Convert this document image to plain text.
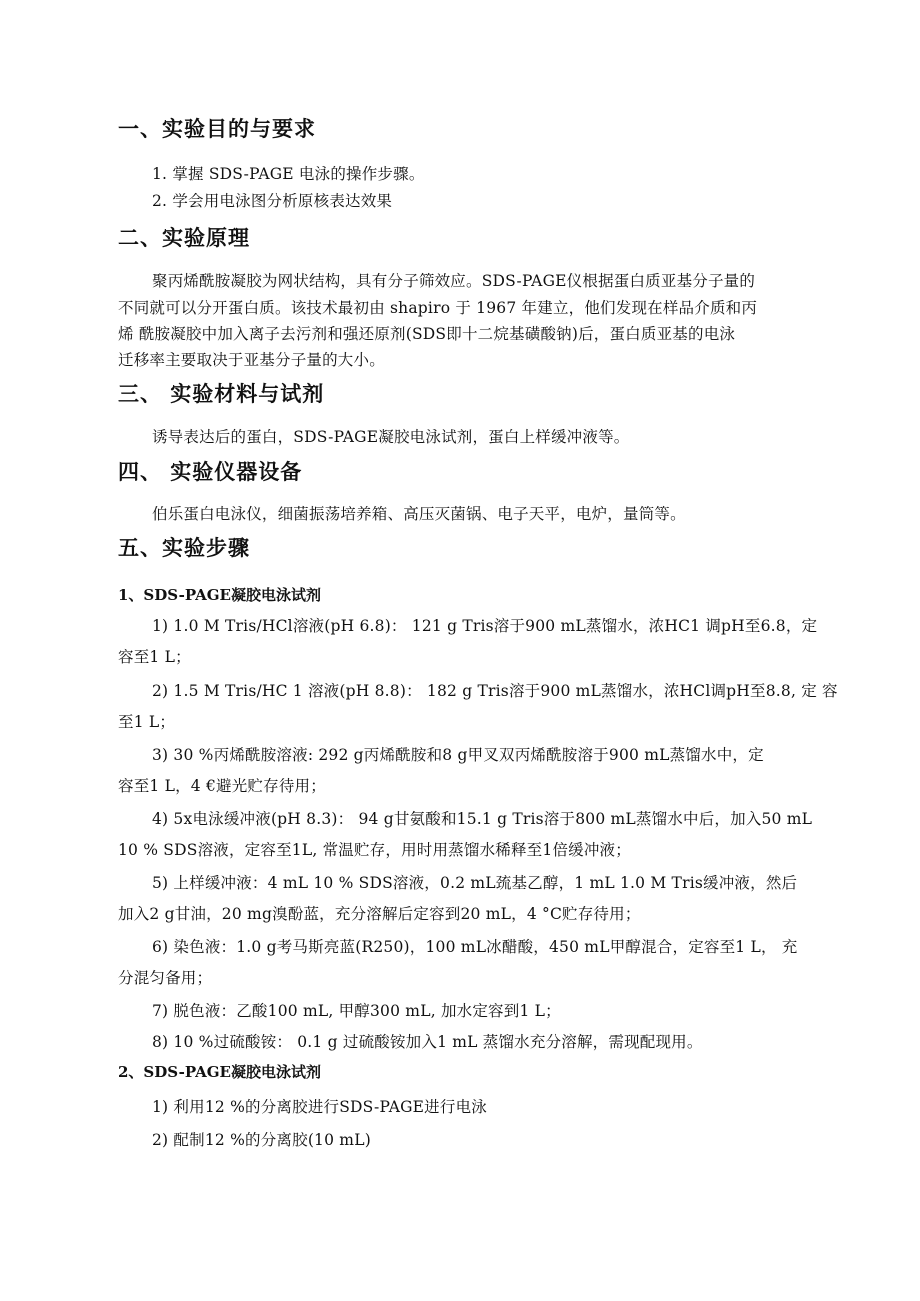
一、实验目的与要求
1. 掌握 SDS-PAGE 电泳的操作步骤。
2. 学会用电泳图分析原核表达效果
二、实验原理
聚丙烯酰胺凝胶为网状结构，具有分子筛效应。SDS-PAGE仪根据蛋白质亚基分子量的
不同就可以分开蛋白质。该技术最初由 shapiro 于 1967 年建立，他们发现在样品介质和丙
烯 酰胺凝胶中加入离子去污剂和强还原剂(SDS即十二烷基磺酸钠)后，蛋白质亚基的电泳
迁移率主要取决于亚基分子量的大小。
三、 实验材料与试剂
诱导表达后的蛋白，SDS-PAGE凝胶电泳试剂，蛋白上样缓冲液等。
四、 实验仪器设备
伯乐蛋白电泳仪，细菌振荡培养箱、高压灭菌锅、电子天平，电炉，量筒等。
五、实验步骤
1、SDS-PAGE凝胶电泳试剂
1) 1.0 M Tris/HCl溶液(pH 6.8)： 121 g Tris溶于900 mL蒸馏水，浓HC1 调pH至6.8，定
容至1 L；
2) 1.5 M Tris/HC 1 溶液(pH 8.8)： 182 g Tris溶于900 mL蒸馏水，浓HCl调pH至8.8, 定 容
至1 L；
3) 30 %丙烯酰胺溶液: 292 g丙烯酰胺和8 g甲叉双丙烯酰胺溶于900 mL蒸馏水中，定
容至1 L，4 €避光贮存待用；
4) 5x电泳缓冲液(pH 8.3)： 94 g甘氨酸和15.1 g Tris溶于800 mL蒸馏水中后，加入50 mL
10 % SDS溶液，定容至1L, 常温贮存，用时用蒸馏水稀释至1倍缓冲液；
5) 上样缓冲液：4 mL 10 % SDS溶液，0.2 mL巯基乙醇，1 mL 1.0 M Tris缓冲液，然后
加入2 g甘油，20 mg溴酚蓝，充分溶解后定容到20 mL，4 °C贮存待用；
6) 染色液：1.0 g考马斯亮蓝(R250)，100 mL冰醋酸，450 mL甲醇混合，定容至1 L， 充
分混匀备用；
7) 脱色液：乙酸100 mL, 甲醇300 mL, 加水定容到1 L；
8) 10 %过硫酸铵： 0.1 g 过硫酸铵加入1 mL 蒸馏水充分溶解，需现配现用。
2、SDS-PAGE凝胶电泳试剂
1) 利用12 %的分离胶进行SDS-PAGE进行电泳
2) 配制12 %的分离胶(10 mL)
